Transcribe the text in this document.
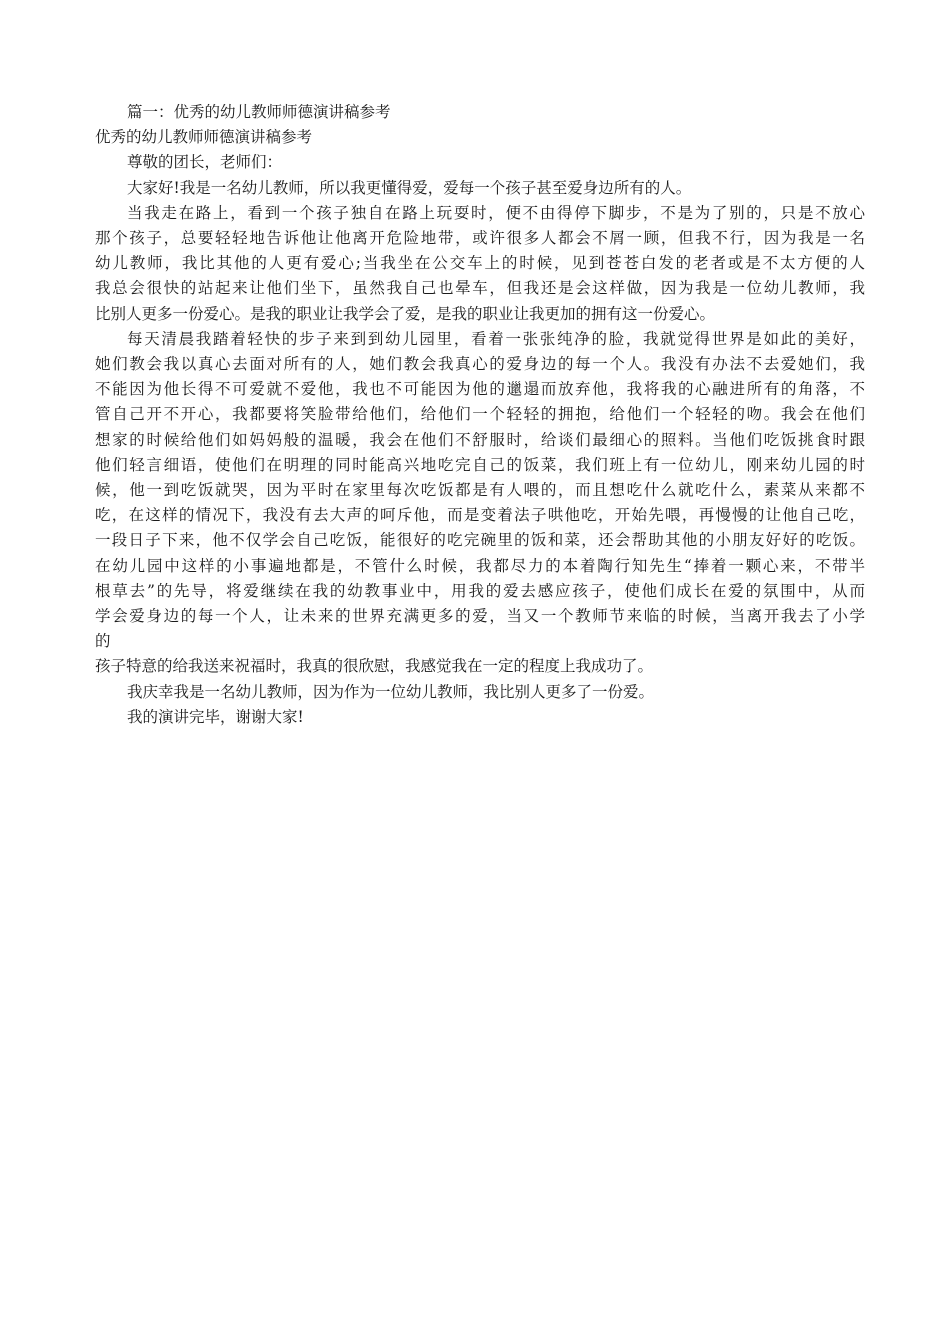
篇一：优秀的幼儿教师师德演讲稿参考

优秀的幼儿教师师德演讲稿参考

尊敬的团长，老师们：

大家好!我是一名幼儿教师，所以我更懂得爱，爱每一个孩子甚至爱身边所有的人。

当我走在路上，看到一个孩子独自在路上玩耍时，便不由得停下脚步，不是为了别的，只是不放心

那个孩子，总要轻轻地告诉他让他离开危险地带，或许很多人都会不屑一顾，但我不行，因为我是一名

幼儿教师，我比其他的人更有爱心;当我坐在公交车上的时候，见到苍苍白发的老者或是不太方便的人

我总会很快的站起来让他们坐下，虽然我自己也晕车，但我还是会这样做，因为我是一位幼儿教师，我

比别人更多一份爱心。是我的职业让我学会了爱，是我的职业让我更加的拥有这一份爱心。

每天清晨我踏着轻快的步子来到到幼儿园里，看着一张张纯净的脸，我就觉得世界是如此的美好，

她们教会我以真心去面对所有的人，她们教会我真心的爱身边的每一个人。我没有办法不去爱她们，我

不能因为他长得不可爱就不爱他，我也不可能因为他的邋遢而放弃他，我将我的心融进所有的角落，不

管自己开不开心，我都要将笑脸带给他们，给他们一个轻轻的拥抱，给他们一个轻轻的吻。我会在他们

想家的时候给他们如妈妈般的温暖，我会在他们不舒服时，给谈们最细心的照料。当他们吃饭挑食时跟

他们轻言细语，使他们在明理的同时能高兴地吃完自己的饭菜，我们班上有一位幼儿，刚来幼儿园的时

候，他一到吃饭就哭，因为平时在家里每次吃饭都是有人喂的，而且想吃什么就吃什么，素菜从来都不

吃，在这样的情况下，我没有去大声的呵斥他，而是变着法子哄他吃，开始先喂，再慢慢的让他自己吃，

一段日子下来，他不仅学会自己吃饭，能很好的吃完碗里的饭和菜，还会帮助其他的小朋友好好的吃饭。

在幼儿园中这样的小事遍地都是，不管什么时候，我都尽力的本着陶行知先生“捧着一颗心来，不带半

根草去”的先导，将爱继续在我的幼教事业中，用我的爱去感应孩子，使他们成长在爱的氛围中，从而

学会爱身边的每一个人，让未来的世界充满更多的爱，当又一个教师节来临的时候，当离开我去了小学

的

孩子特意的给我送来祝福时，我真的很欣慰，我感觉我在一定的程度上我成功了。

我庆幸我是一名幼儿教师，因为作为一位幼儿教师，我比别人更多了一份爱。

我的演讲完毕，谢谢大家!
